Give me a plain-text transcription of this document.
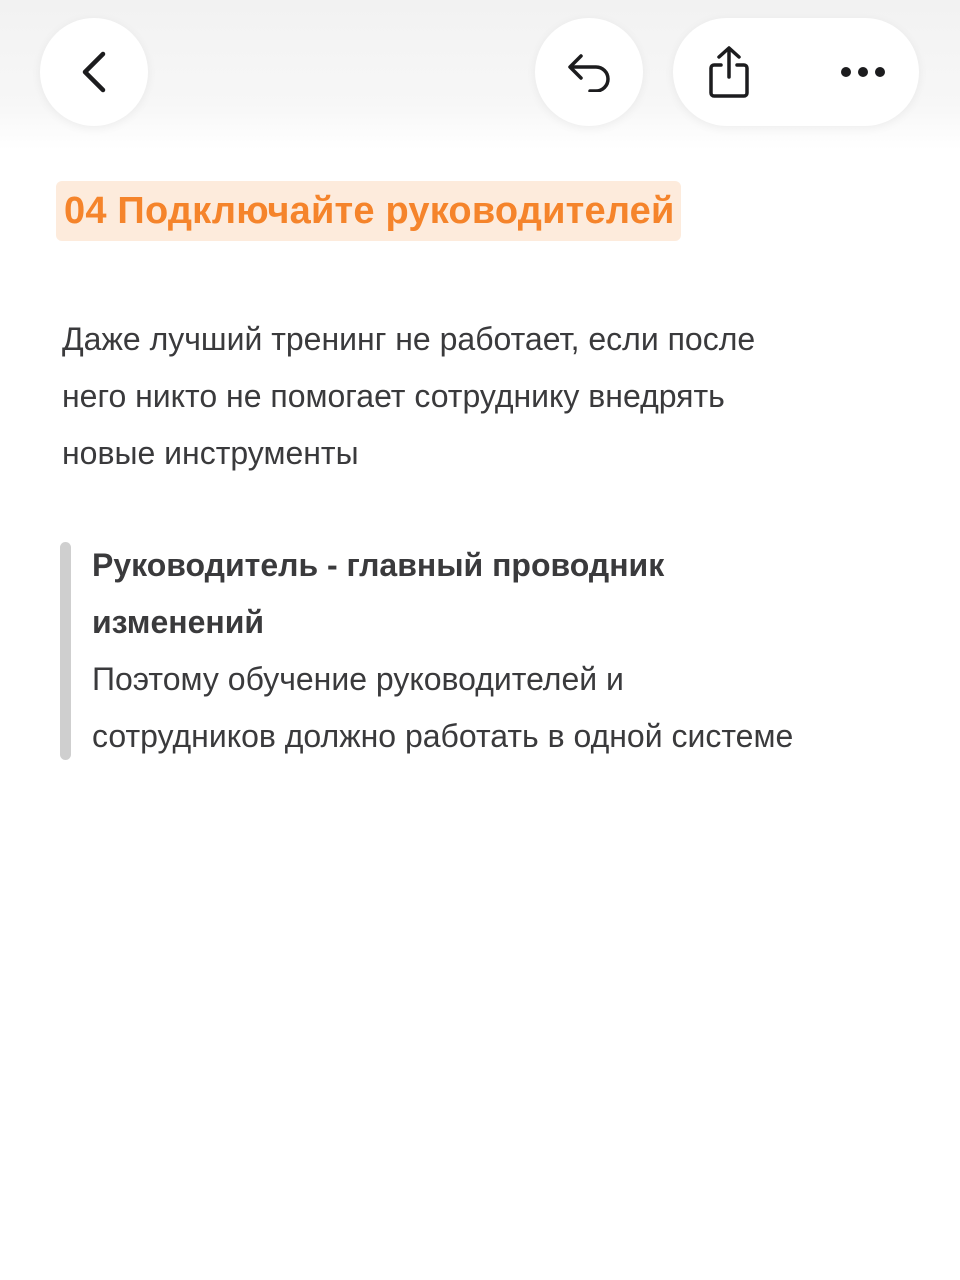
04 Подключайте руководителей
Даже лучший тренинг не работает, если после
него никто не помогает сотруднику внедрять
новые инструменты
Руководитель - главный проводник
изменений
Поэтому обучение руководителей и
сотрудников должно работать в одной системе
